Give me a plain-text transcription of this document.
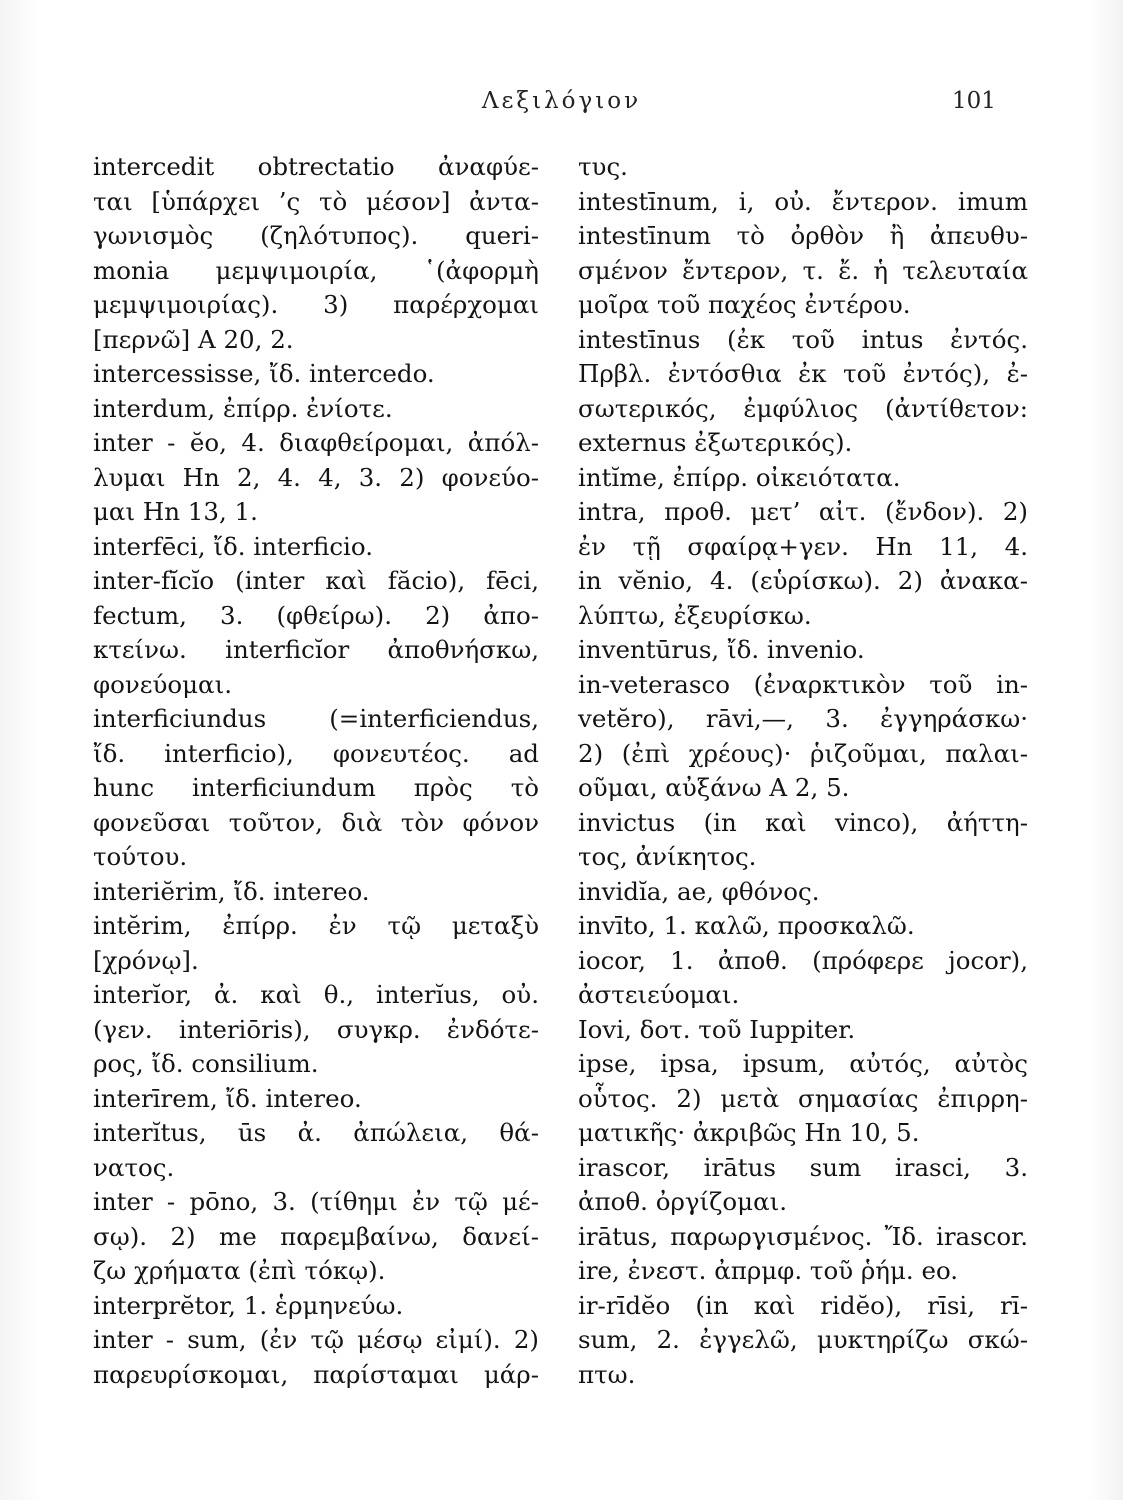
Λεξιλόγιον	101
intercedit obtrectatio ἀναφύε-
ται [ὑπάρχει ’ς τὸ μέσον] ἀντα-
γωνισμὸς (ζηλότυπος). queri-
monia μεμψιμοιρία, ῾(ἀφορμὴ
μεμψιμοιρίας). 3) παρέρχομαι
[περνῶ] Α 20, 2.
intercessisse, ἴδ. intercedo.
interdum, ἐπίρρ. ἐνίοτε.
inter - ĕo, 4. διαφθείρομαι, ἀπόλ-
λυμαι Ηn 2, 4. 4, 3. 2) φονεύο-
μαι Ηn 13, 1.
interfēci, ἴδ. interficio.
inter-fĭcĭo (inter καὶ făcio), fēci,
fectum, 3. (φθείρω). 2) ἀπο-
κτείνω. interficĭor ἀποθνήσκω,
φονεύομαι.
interficiundus (=interficiendus,
ἴδ. interficio), φονευτέος. ad
hunc interficiundum πρὸς τὸ
φονεῦσαι τοῦτον, διὰ τὸν φόνον
τούτου.
interiĕrim, ἴδ. intereo.
intĕrim, ἐπίρρ. ἐν τῷ μεταξὺ
[χρόνῳ].
interĭor, ἀ. καὶ θ., interĭus, οὐ.
(γεν. interiōris), συγκρ. ἐνδότε-
ρος, ἴδ. consilium.
interīrem, ἴδ. intereo.
interĭtus, ūs ἀ. ἀπώλεια, θά-
νατος.
inter - pōno, 3. (τίθημι ἐν τῷ μέ-
σῳ). 2) me παρεμβαίνω, δανεί-
ζω χρήματα (ἐπὶ τόκῳ).
interprĕtor, 1. ἑρμηνεύω.
inter - sum, (ἐν τῷ μέσῳ εἰμί). 2)
παρευρίσκομαι, παρίσταμαι μάρ-
τυς.
intestīnum, i, οὐ. ἔντερον. imum
intestīnum τὸ ὀρθὸν ἢ ἀπευθυ-
σμένον ἔντερον, τ. ἔ. ἡ τελευταία
μοῖρα τοῦ παχέος ἐντέρου.
intestīnus (ἐκ τοῦ intus ἐντός.
Πρβλ. ἐντόσθια ἐκ τοῦ ἐντός), ἐ-
σωτερικός, ἐμφύλιος (ἀντίθετον:
externus ἐξωτερικός).
intĭme, ἐπίρρ. οἰκειότατα.
intra, προθ. μετ’ αἰτ. (ἔνδον). 2)
ἐν τῇ σφαίρᾳ+γεν. Ηn 11, 4.
in vĕnio, 4. (εὑρίσκω). 2) ἀνακα-
λύπτω, ἐξευρίσκω.
inventūrus, ἴδ. invenio.
in-veterasco (ἐναρκτικὸν τοῦ in-
vetĕro), rāvi,—, 3. ἐγγηράσκω·
2) (ἐπὶ χρέους)· ῥιζοῦμαι, παλαι-
οῦμαι, αὐξάνω Α 2, 5.
invictus (in καὶ vinco), ἀήττη-
τος, ἀνίκητος.
invidĭa, ae, φθόνος.
invīto, 1. καλῶ, προσκαλῶ.
iocor, 1. ἀποθ. (πρόφερε jocor),
ἀστειεύομαι.
Iovi, δοτ. τοῦ Iuppiter.
ipse, ipsa, ipsum, αὐτός, αὐτὸς
οὗτος. 2) μετὰ σημασίας ἐπιρρη-
ματικῆς· ἀκριβῶς Ηn 10, 5.
irascor, irātus sum irasci, 3.
ἀποθ. ὀργίζομαι.
irātus, παρωργισμένος. Ἴδ. irascor.
ire, ἐνεστ. ἀπρμφ. τοῦ ῥήμ. eo.
ir-rīdĕo (in καὶ ridĕo), rīsi, rī-
sum, 2. ἐγγελῶ, μυκτηρίζω σκώ-
πτω.
